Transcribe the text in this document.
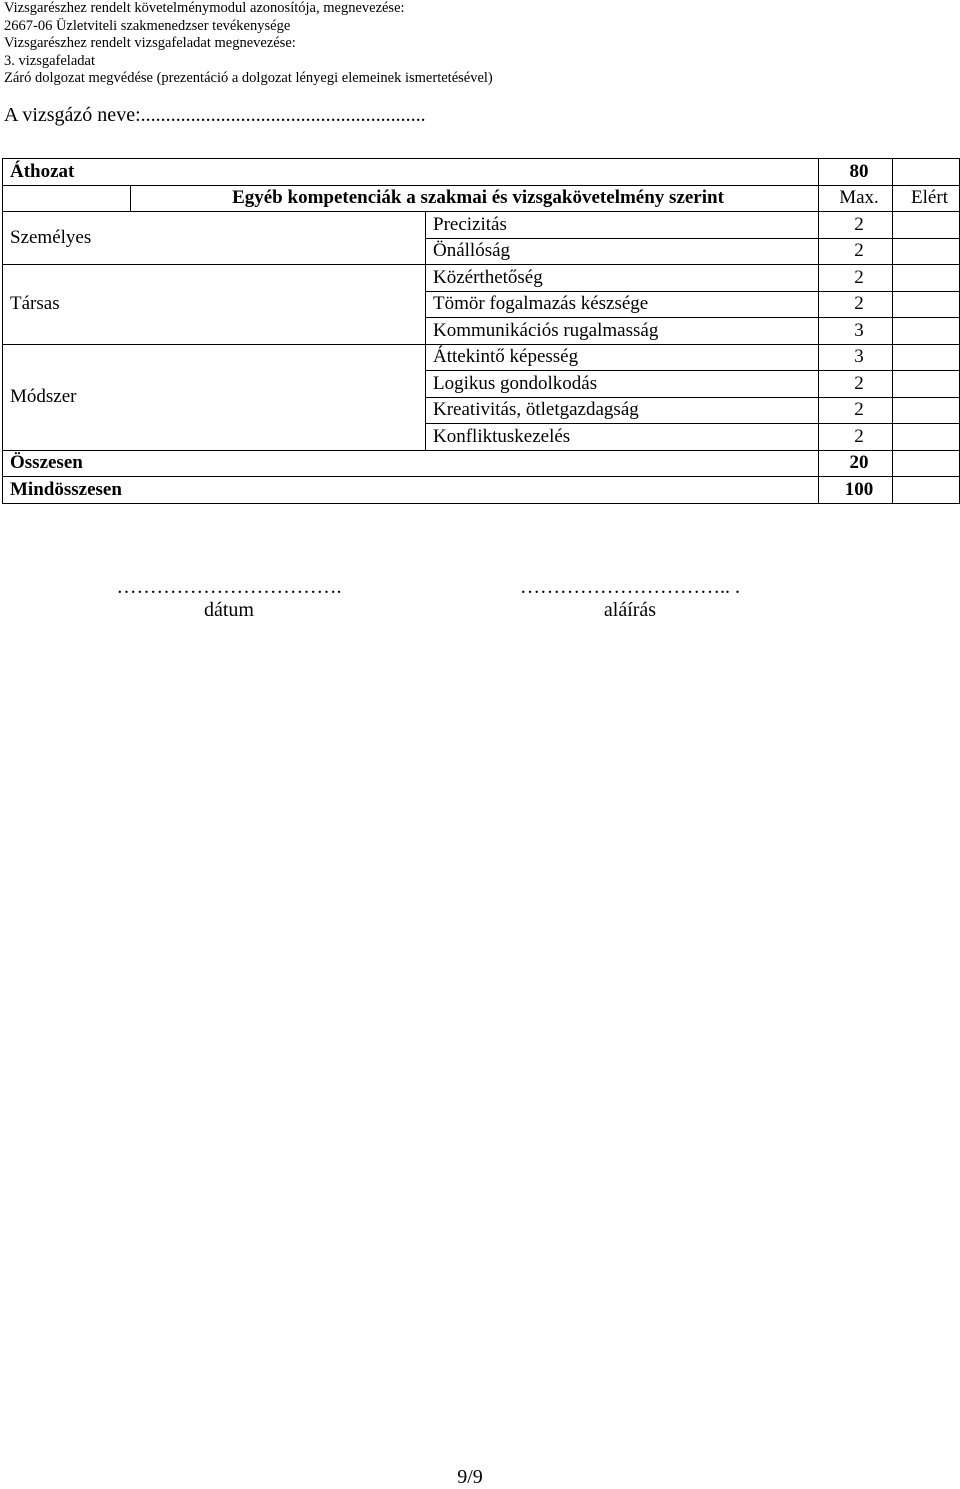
Vizsgarészhez rendelt követelménymodul azonosítója, megnevezése:
2667-06 Üzletviteli szakmenedzser tevékenysége
Vizsgarészhez rendelt vizsgafeladat megnevezése:
3. vizsgafeladat
Záró dolgozat megvédése (prezentáció a dolgozat lényegi elemeinek ismertetésével)
A vizsgázó neve:.........................................................
Áthozat			80	
	Egyéb kompetenciák a szakmai és vizsgakövetelmény szerint		Max.	Elért
Személyes		Precizitás	2	
		Önállóság	2	
Társas		Közérthetőség	2	
		Tömör fogalmazás készsége	2	
		Kommunikációs rugalmasság	3	
Módszer		Áttekintő képesség	3	
		Logikus gondolkodás	2	
		Kreativitás, ötletgazdagság	2	
		Konfliktuskezelés	2	
Összesen			20	
Mindösszesen			100	
…………………………….
dátum
………………………….. .
aláírás
9/9
